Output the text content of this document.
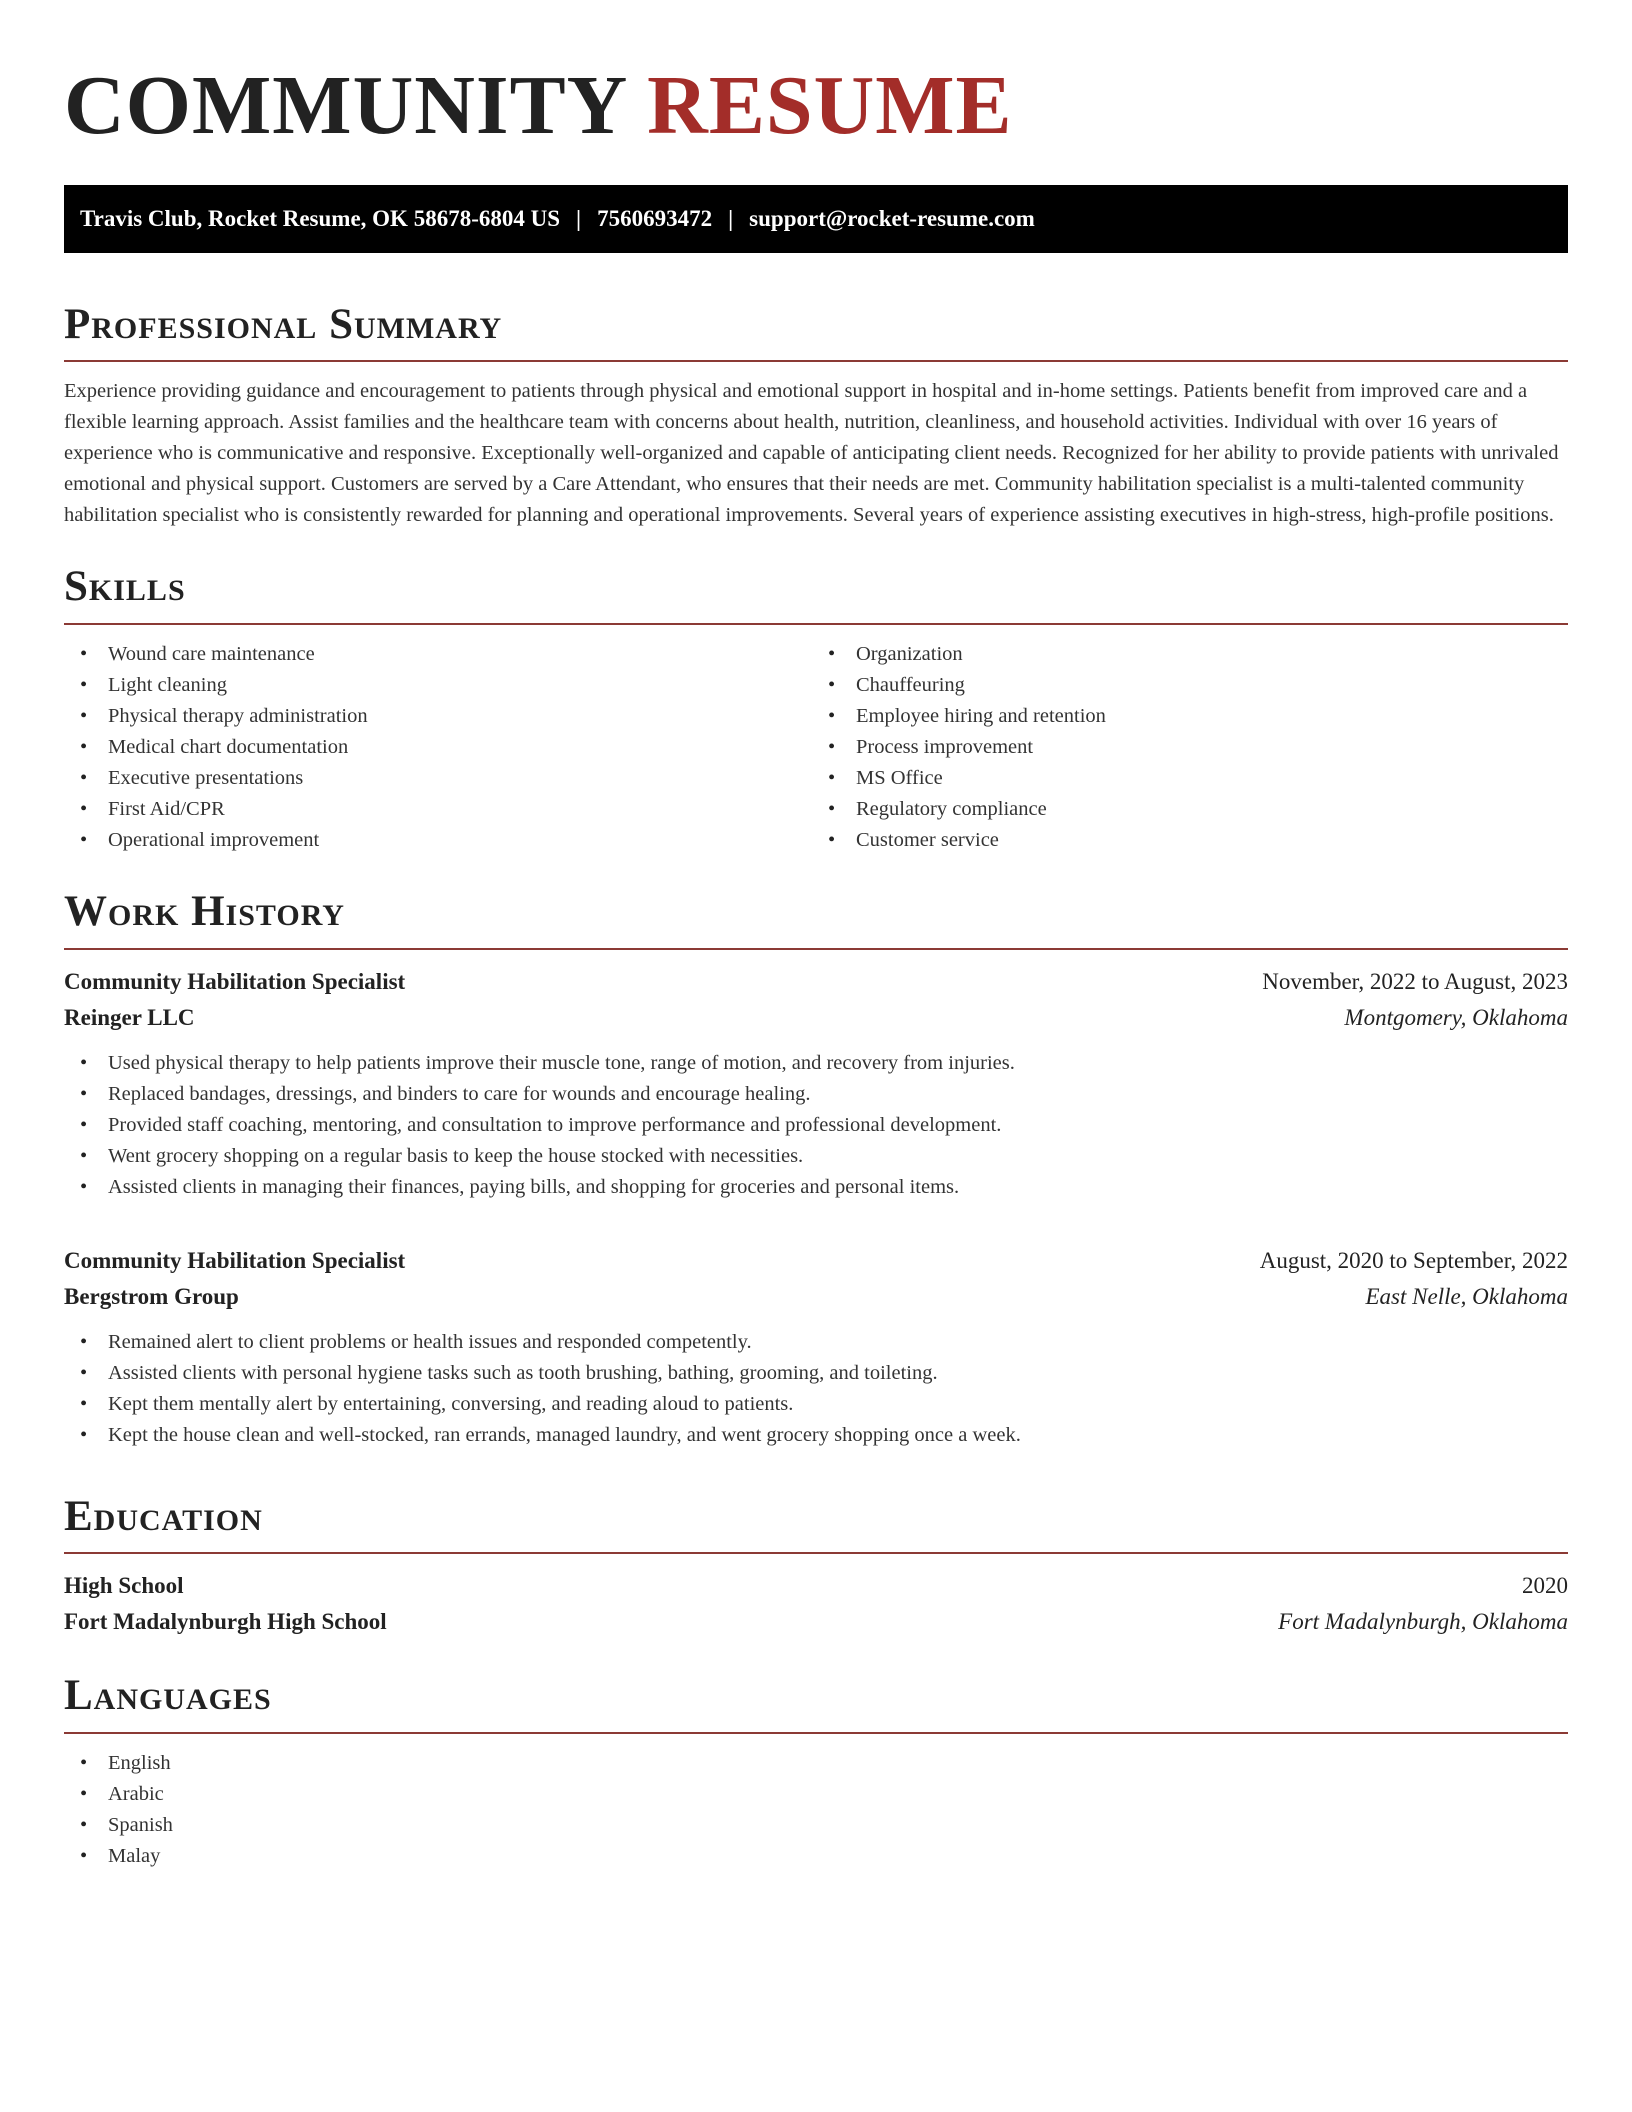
COMMUNITY RESUME
Travis Club, Rocket Resume, OK 58678-6804 US | 7560693472 | support@rocket-resume.com
Professional Summary

Experience providing guidance and encouragement to patients through physical and emotional support in hospital and in-home settings. Patients benefit from improved care and a flexible learning approach. Assist families and the healthcare team with concerns about health, nutrition, cleanliness, and household activities. Individual with over 16 years of experience who is communicative and responsive. Exceptionally well-organized and capable of anticipating client needs. Recognized for her ability to provide patients with unrivaled emotional and physical support. Customers are served by a Care Attendant, who ensures that their needs are met. Community habilitation specialist is a multi-talented community habilitation specialist who is consistently rewarded for planning and operational improvements. Several years of experience assisting executives in high-stress, high-profile positions.

Skills
• Wound care maintenance
• Light cleaning
• Physical therapy administration
• Medical chart documentation
• Executive presentations
• First Aid/CPR
• Operational improvement
• Organization
• Chauffeuring
• Employee hiring and retention
• Process improvement
• MS Office
• Regulatory compliance
• Customer service
Work History
Community Habilitation Specialist	November, 2022 to August, 2023
Reinger LLC	Montgomery, Oklahoma
• Used physical therapy to help patients improve their muscle tone, range of motion, and recovery from injuries.
• Replaced bandages, dressings, and binders to care for wounds and encourage healing.
• Provided staff coaching, mentoring, and consultation to improve performance and professional development.
• Went grocery shopping on a regular basis to keep the house stocked with necessities.
• Assisted clients in managing their finances, paying bills, and shopping for groceries and personal items.
Community Habilitation Specialist	August, 2020 to September, 2022
Bergstrom Group	East Nelle, Oklahoma
• Remained alert to client problems or health issues and responded competently.
• Assisted clients with personal hygiene tasks such as tooth brushing, bathing, grooming, and toileting.
• Kept them mentally alert by entertaining, conversing, and reading aloud to patients.
• Kept the house clean and well-stocked, ran errands, managed laundry, and went grocery shopping once a week.
Education
High School	2020
Fort Madalynburgh High School	Fort Madalynburgh, Oklahoma
Languages
• English
• Arabic
• Spanish
• Malay
